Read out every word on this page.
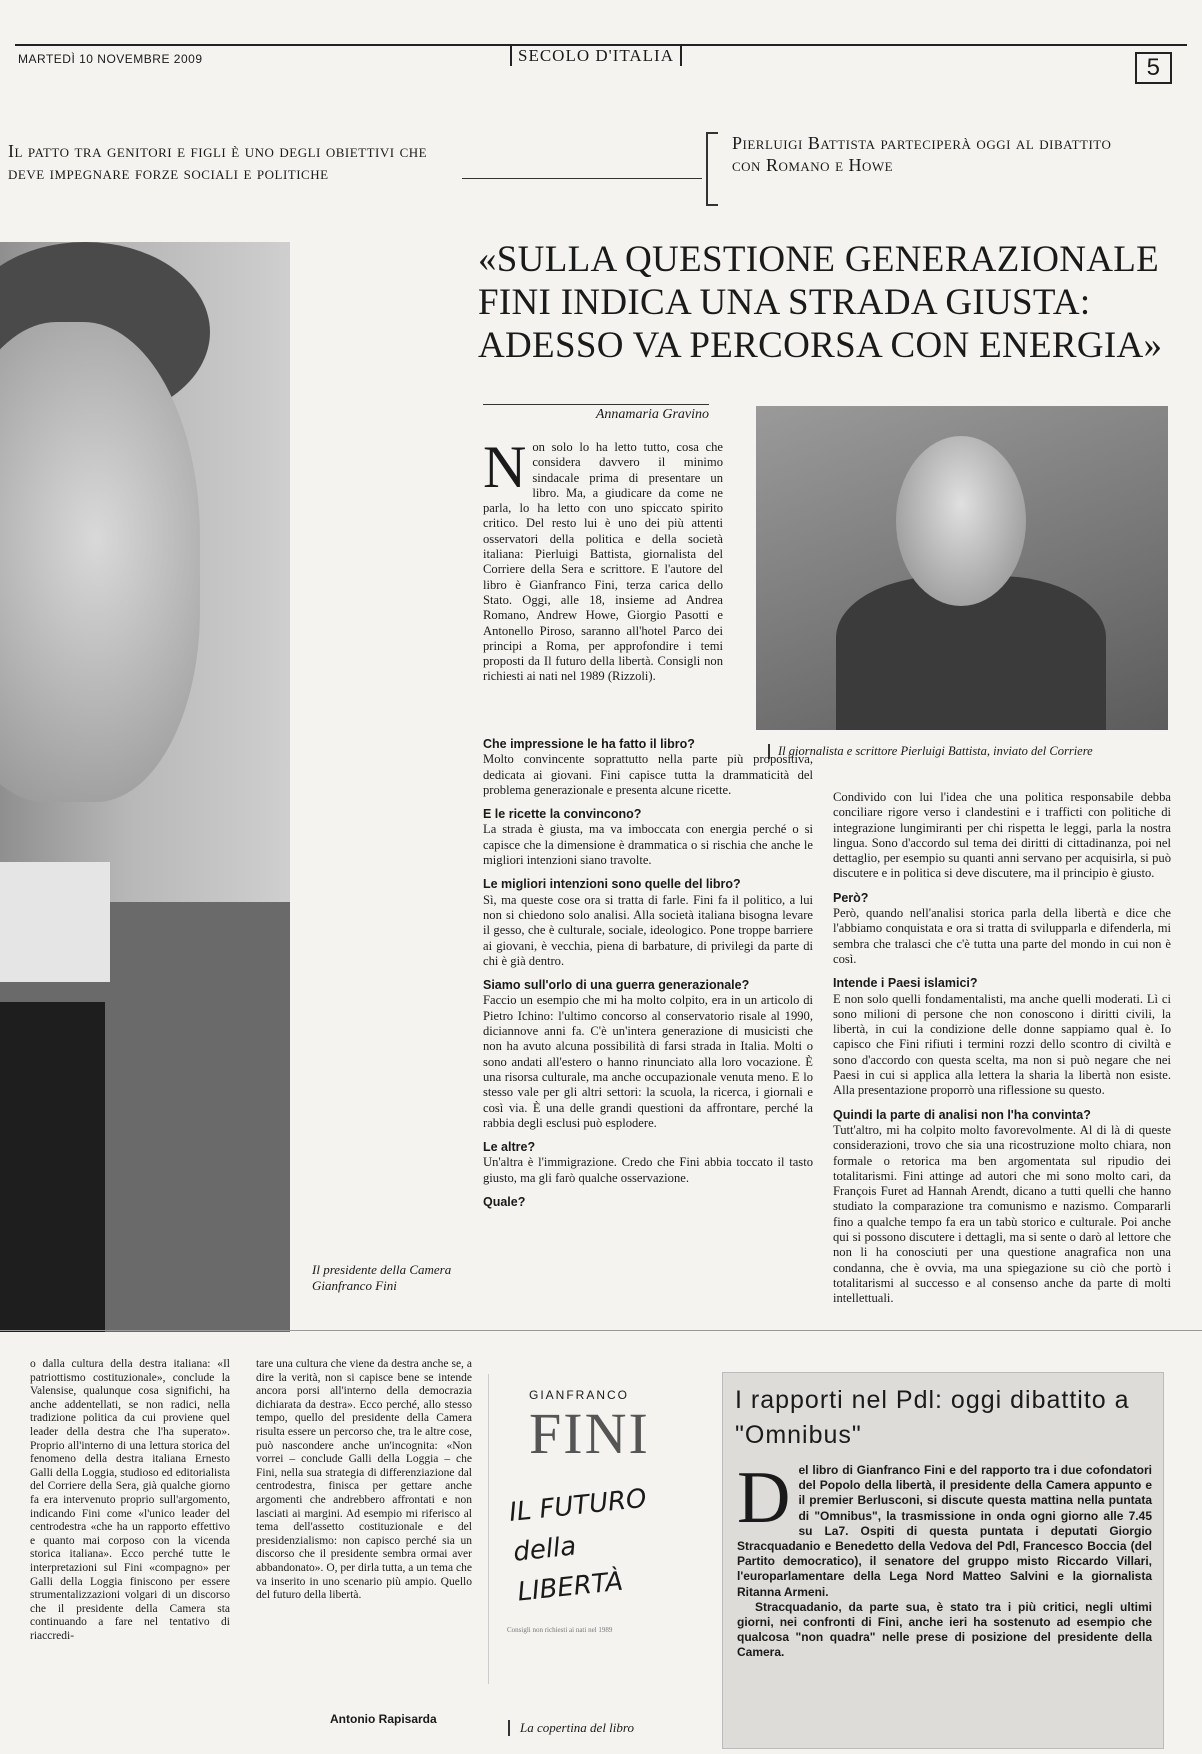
MARTEDÌ 10 NOVEMBRE 2009	SECOLO D'ITALIA	5
Il patto tra genitori e figli è uno degli obiettivi che deve impegnare forze sociali e politiche
Pierluigi Battista parteciperà oggi al dibattito con Romano e Howe
«SULLA QUESTIONE GENERAZIONALE FINI INDICA UNA STRADA GIUSTA: ADESSO VA PERCORSA CON ENERGIA»
Il presidente della Camera Gianfranco Fini
Annamaria Gravino
N on solo lo ha letto tutto, cosa che considera davvero il minimo sindacale prima di presentare un libro. Ma, a giudicare da come ne parla, lo ha letto con uno spiccato spirito critico. Del resto lui è uno dei più attenti osservatori della politica e della società italiana: Pierluigi Battista, giornalista del Corriere della Sera e scrittore. E l'autore del libro è Gianfranco Fini, terza carica dello Stato. Oggi, alle 18, insieme ad Andrea Romano, Andrew Howe, Giorgio Pasotti e Antonello Piroso, saranno all'hotel Parco dei principi a Roma, per approfondire i temi proposti da Il futuro della libertà. Consigli non richiesti ai nati nel 1989 (Rizzoli).

Il giornalista e scrittore Pierluigi Battista, inviato del Corriere

Che impressione le ha fatto il libro?

Molto convincente soprattutto nella parte più propositiva, dedicata ai giovani. Fini capisce tutta la drammaticità del problema generazionale e presenta alcune ricette.

E le ricette la convincono?

La strada è giusta, ma va imboccata con energia perché o si capisce che la dimensione è drammatica o si rischia che anche le migliori intenzioni siano travolte.

Le migliori intenzioni sono quelle del libro?

Sì, ma queste cose ora si tratta di farle. Fini fa il politico, a lui non si chiedono solo analisi. Alla società italiana bisogna levare il gesso, che è culturale, sociale, ideologico. Pone troppe barriere ai giovani, è vecchia, piena di barbature, di privilegi da parte di chi è già dentro.

Siamo sull'orlo di una guerra generazionale?

Faccio un esempio che mi ha molto colpito, era in un articolo di Pietro Ichino: l'ultimo concorso al conservatorio risale al 1990, diciannove anni fa. C'è un'intera generazione di musicisti che non ha avuto alcuna possibilità di farsi strada in Italia. Molti o sono andati all'estero o hanno rinunciato alla loro vocazione. È una risorsa culturale, ma anche occupazionale venuta meno. E lo stesso vale per gli altri settori: la scuola, la ricerca, i giornali e così via. È una delle grandi questioni da affrontare, perché la rabbia degli esclusi può esplodere.

Le altre?

Un'altra è l'immigrazione. Credo che Fini abbia toccato il tasto giusto, ma gli farò qualche osservazione.

Quale?

Condivido con lui l'idea che una politica responsabile debba conciliare rigore verso i clandestini e i trafficti con politiche di integrazione lungimiranti per chi rispetta le leggi, parla la nostra lingua. Sono d'accordo sul tema dei diritti di cittadinanza, poi nel dettaglio, per esempio su quanti anni servano per acquisirla, si può discutere e in politica si deve discutere, ma il principio è giusto.

Però?

Però, quando nell'analisi storica parla della libertà e dice che l'abbiamo conquistata e ora si tratta di svilupparla e difenderla, mi sembra che tralasci che c'è tutta una parte del mondo in cui non è così.

Intende i Paesi islamici?

E non solo quelli fondamentalisti, ma anche quelli moderati. Lì ci sono milioni di persone che non conoscono i diritti civili, la libertà, in cui la condizione delle donne sappiamo qual è. Io capisco che Fini rifiuti i termini rozzi dello scontro di civiltà e sono d'accordo con questa scelta, ma non si può negare che nei Paesi in cui si applica alla lettera la sharia la libertà non esiste. Alla presentazione proporrò una riflessione su questo.

Quindi la parte di analisi non l'ha convinta?

Tutt'altro, mi ha colpito molto favorevolmente. Al di là di queste considerazioni, trovo che sia una ricostruzione molto chiara, non formale o retorica ma ben argomentata sul ripudio dei totalitarismi. Fini attinge ad autori che mi sono molto cari, da François Furet ad Hannah Arendt, dicano a tutti quelli che hanno studiato la comparazione tra comunismo e nazismo. Compararli fino a qualche tempo fa era un tabù storico e culturale. Poi anche qui si possono discutere i dettagli, ma si sente o darò al lettore che non li ha conosciuti per una questione anagrafica non una condanna, che è ovvia, ma una spiegazione su ciò che portò i totalitarismi al successo e al consenso anche da parte di molti intellettuali.

o dalla cultura della destra italiana: «Il patriottismo costituzionale», conclude la Valensise, qualunque cosa significhi, ha anche addentellati, se non radici, nella tradizione politica da cui proviene quel leader della destra che l'ha superato». Proprio all'interno di una lettura storica del fenomeno della destra italiana Ernesto Galli della Loggia, studioso ed editorialista del Corriere della Sera, già qualche giorno fa era intervenuto proprio sull'argomento, indicando Fini come «l'unico leader del centrodestra «che ha un rapporto effettivo e quanto mai corposo con la vicenda storica italiana». Ecco perché tutte le interpretazioni sul Fini «compagno» per Galli della Loggia finiscono per essere strumentalizzazioni volgari di un discorso che il presidente della Camera sta continuando a fare nel tentativo di riaccredi-
tare una cultura che viene da destra anche se, a dire la verità, non si capisce bene se intende ancora porsi all'interno della democrazia dichiarata da destra». Ecco perché, allo stesso tempo, quello del presidente della Camera risulta essere un percorso che, tra le altre cose, può nascondere anche un'incognita: «Non vorrei – conclude Galli della Loggia – che Fini, nella sua strategia di differenziazione dal centrodestra, finisca per gettare anche argomenti che andrebbero affrontati e non lasciati ai margini. Ad esempio mi riferisco al tema dell'assetto costituzionale e del presidenzialismo: non capisco perché sia un discorso che il presidente sembra ormai aver abbandonato». O, per dirla tutta, a un tema che va inserito in uno scenario più ampio. Quello del futuro della libertà.
Antonio Rapisarda
GIANFRANCO
FINI
IL FUTURO della LIBERTÀ
Consigli non richiesti ai nati nel 1989
La copertina del libro
I rapporti nel Pdl: oggi dibattito a "Omnibus"
D el libro di Gianfranco Fini e del rapporto tra i due cofondatori del Popolo della libertà, il presidente della Camera appunto e il premier Berlusconi, si discute questa mattina nella puntata di "Omnibus", la trasmissione in onda ogni giorno alle 7.45 su La7. Ospiti di questa puntata i deputati Giorgio Stracquadanio e Benedetto della Vedova del Pdl, Francesco Boccia (del Partito democratico), il senatore del gruppo misto Riccardo Villari, l'europarlamentare della Lega Nord Matteo Salvini e la giornalista Ritanna Armeni.

Stracquadanio, da parte sua, è stato tra i più critici, negli ultimi giorni, nei confronti di Fini, anche ieri ha sostenuto ad esempio che qualcosa "non quadra" nelle prese di posizione del presidente della Camera.
